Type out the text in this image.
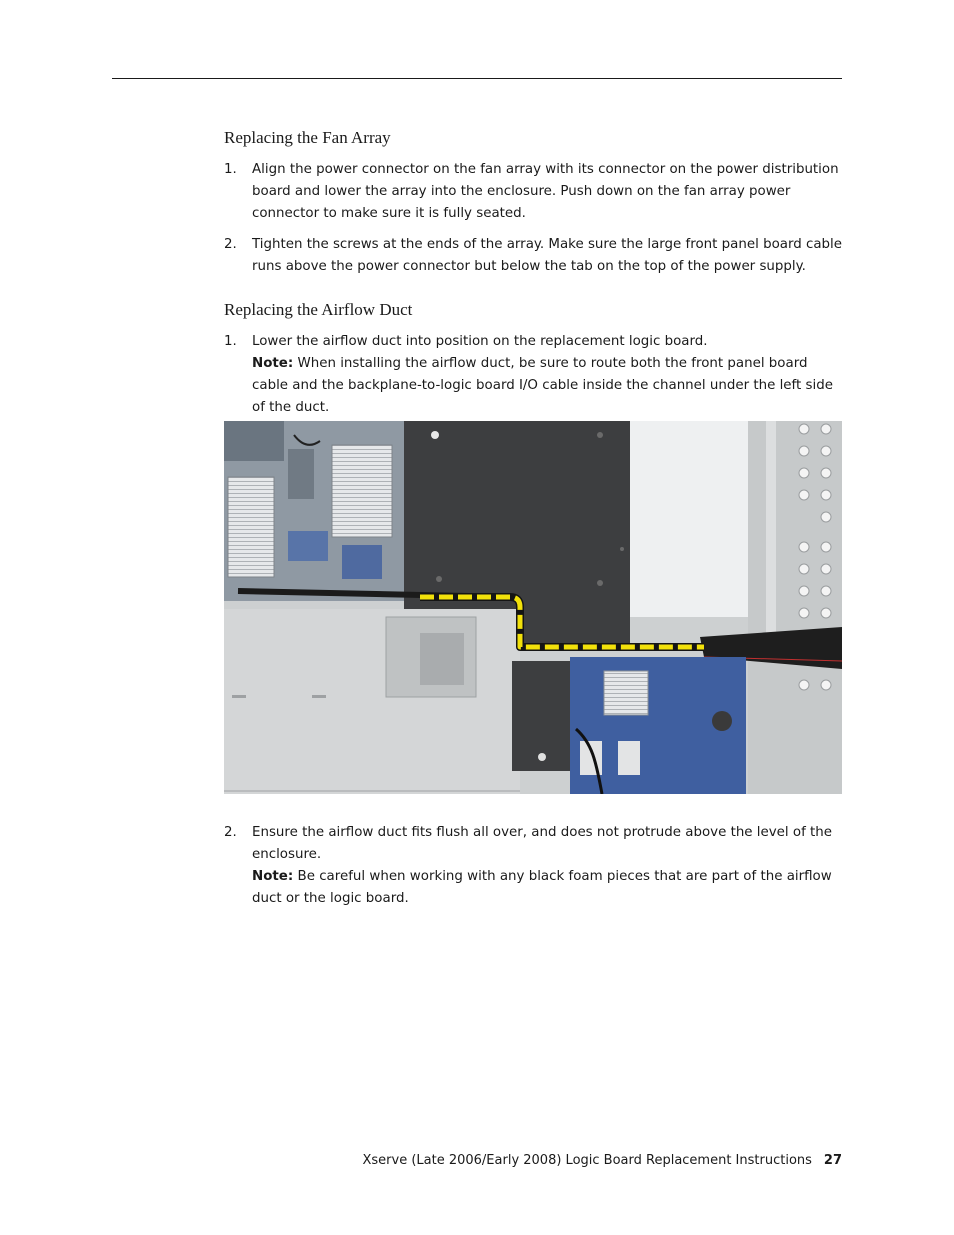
Replacing the Fan Array
1. Align the power connector on the fan array with its connector on the power distribution board and lower the array into the enclosure. Push down on the fan array power connector to make sure it is fully seated.
2. Tighten the screws at the ends of the array. Make sure the large front panel board cable runs above the power connector but below the tab on the top of the power supply.
Replacing the Airflow Duct
1. Lower the airflow duct into position on the replacement logic board.
Note: When installing the airflow duct, be sure to route both the front panel board cable and the backplane-to-logic board I/O cable inside the channel under the left side of the duct.
2. Ensure the airflow duct fits flush all over, and does not protrude above the level of the enclosure.
Note: Be careful when working with any black foam pieces that are part of the airflow duct or the logic board.
Xserve (Late 2006/Early 2008) Logic Board Replacement Instructions 27
